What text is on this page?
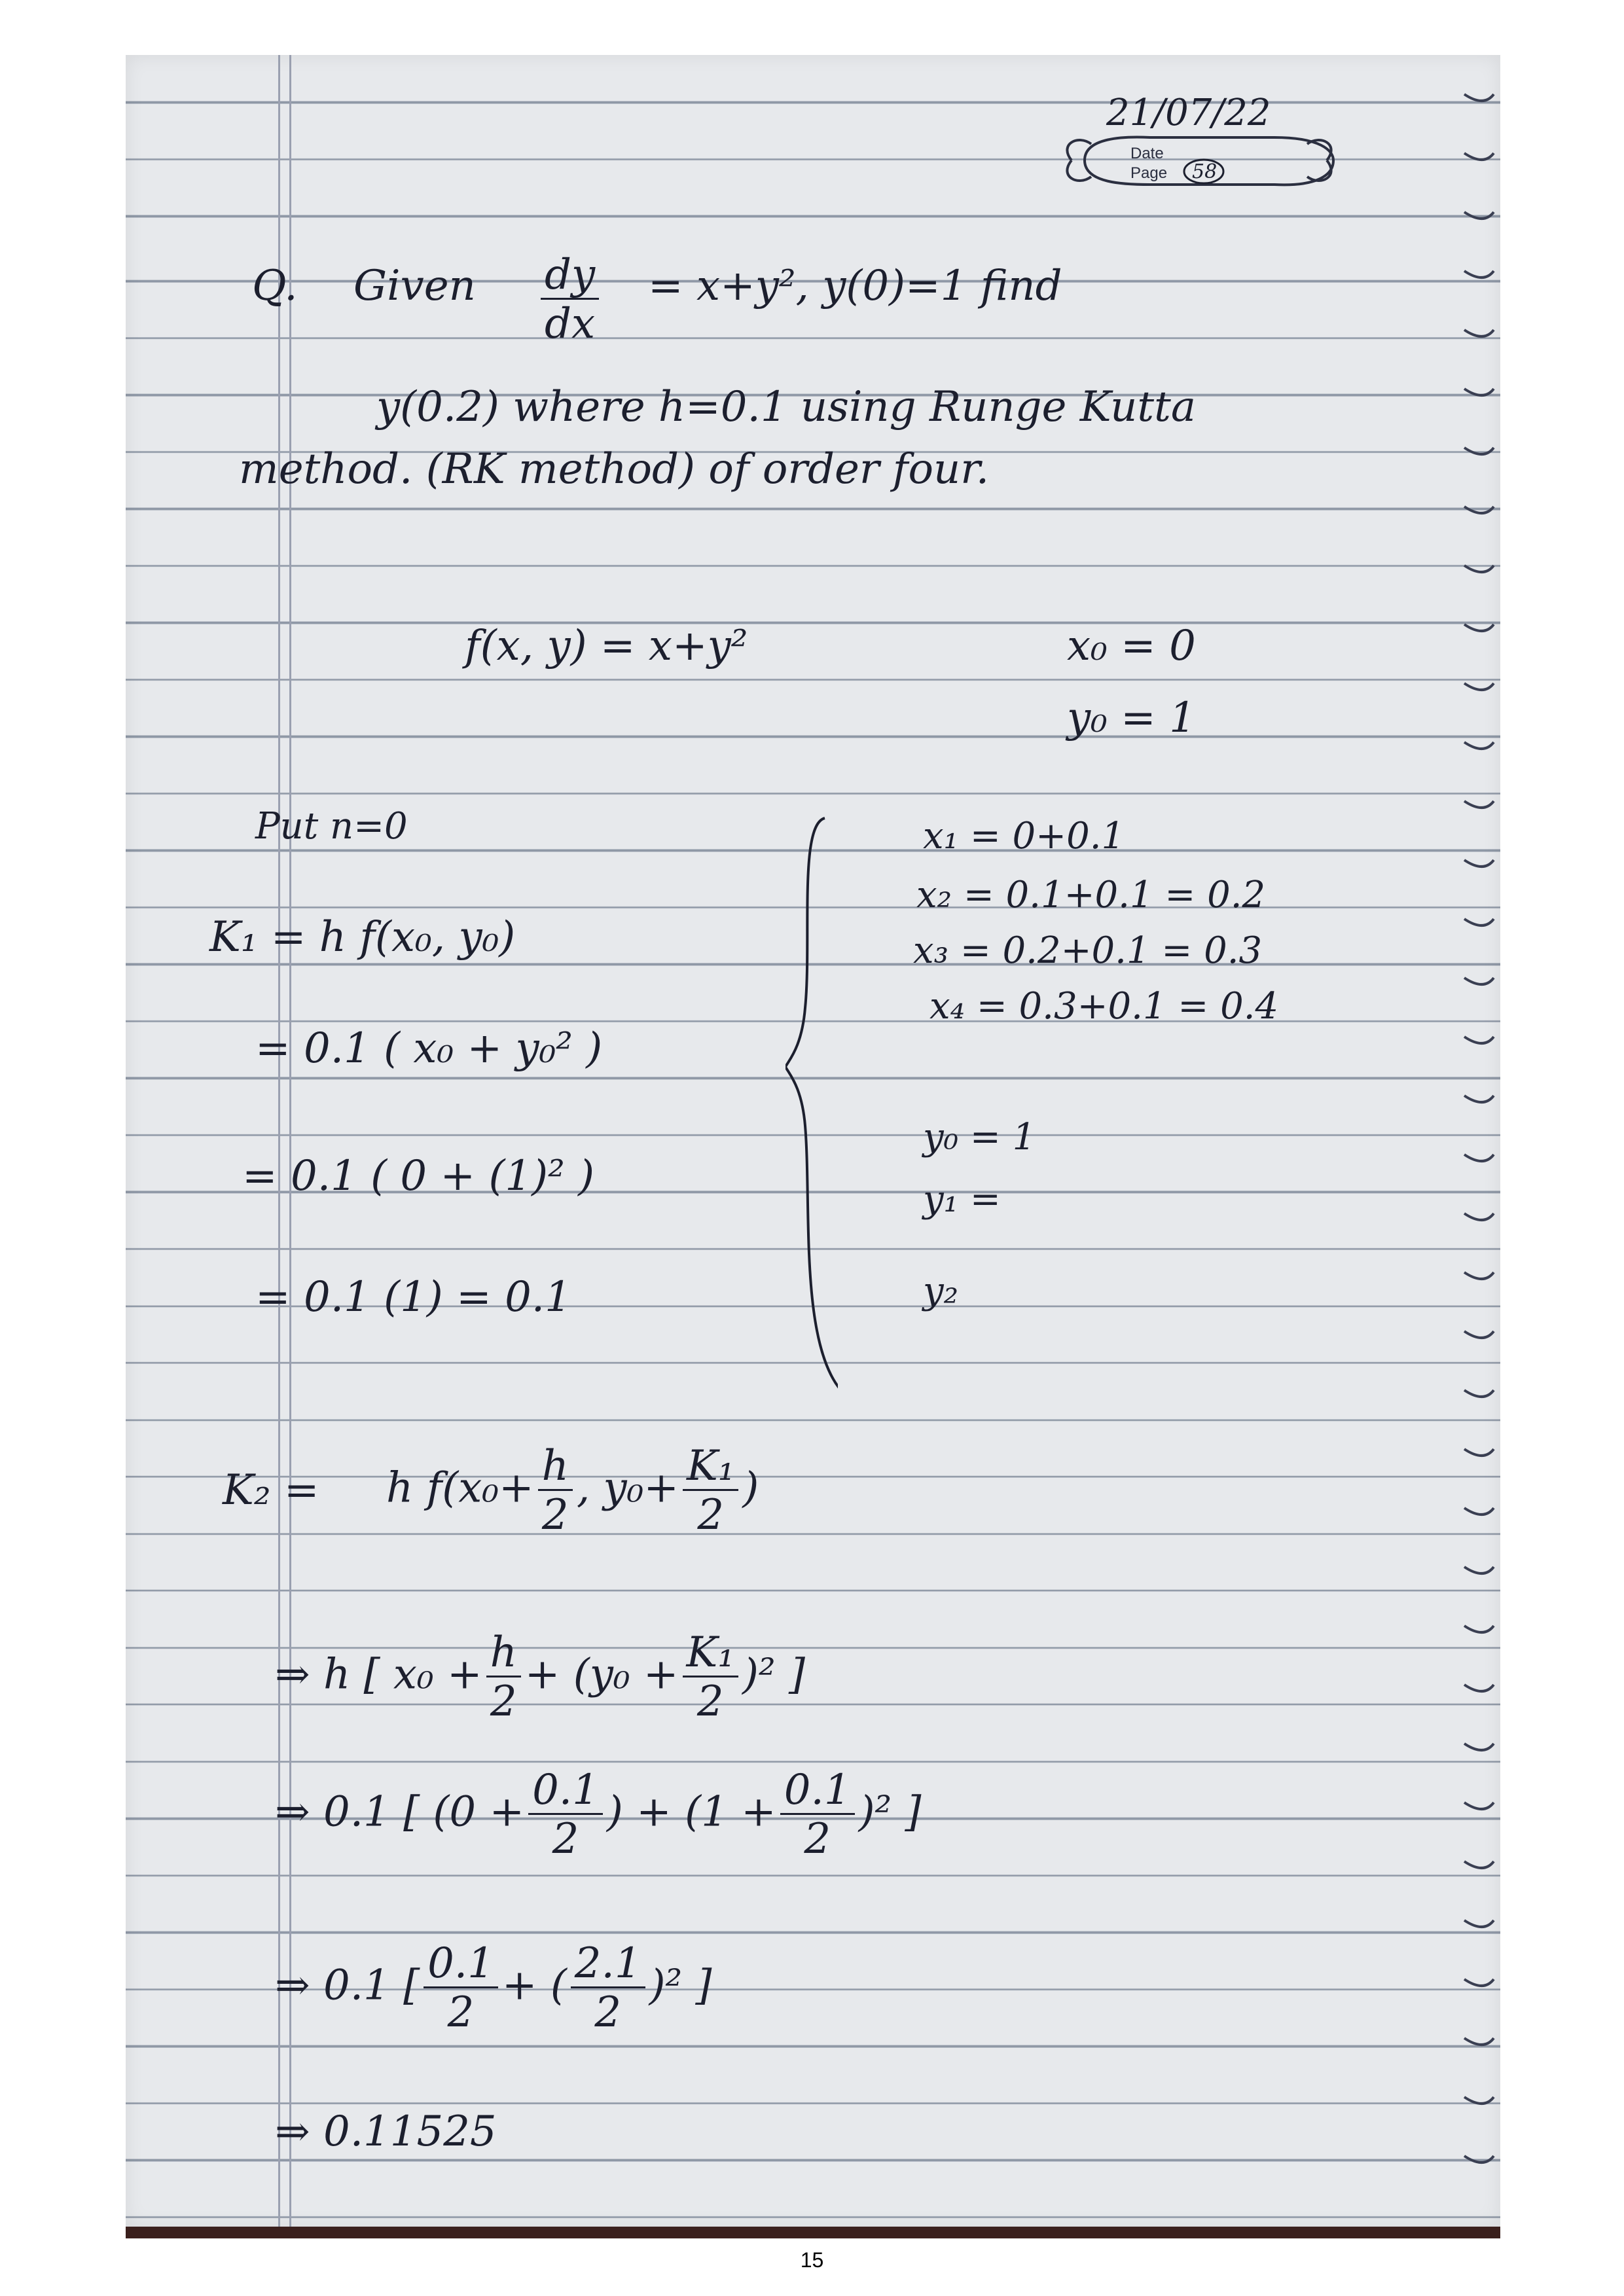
21/07/22
Date
Page 58
Q. Given $\frac{dy}{dx} = x+y^2$, y(0)=1 find
y(0.2) where h=0.1 using Runge Kutta
method. (RK method) of order four.
f(x, y) = x+y²	x₀ = 0
y₀ = 1
Put n=0
K₁ = h f(x₀, y₀)
= 0.1 ( x₀ + y₀² )
= 0.1 ( 0 + (1)² )
= 0.1 (1) = 0.1
x₁ = 0+0.1
x₂ = 0.1+0.1 = 0.2
x₃ = 0.2+0.1 = 0.3
x₄ = 0.3+0.1 = 0.4
y₀ = 1
y₁ =
y₂
K₂ = h $f(x_0+ \frac{h}{2}$ , $y_0+ \frac{\text{K₁}}{2}$ )
⇒ h [ $x_0 + \frac{h}{2} + (y_0 + \frac{\text{K₁}}{2} )^2$ ]
⇒ 0.1 [ ($0 + \frac{0.1}{2}$ ) + $(1 + \frac{0.1}{2} )^2$ ]
⇒ 0.1 [ $\frac{0.1}{2}$ + ( $\frac{2.1}{2} )^2$ ]
⇒ 0.11525
15
